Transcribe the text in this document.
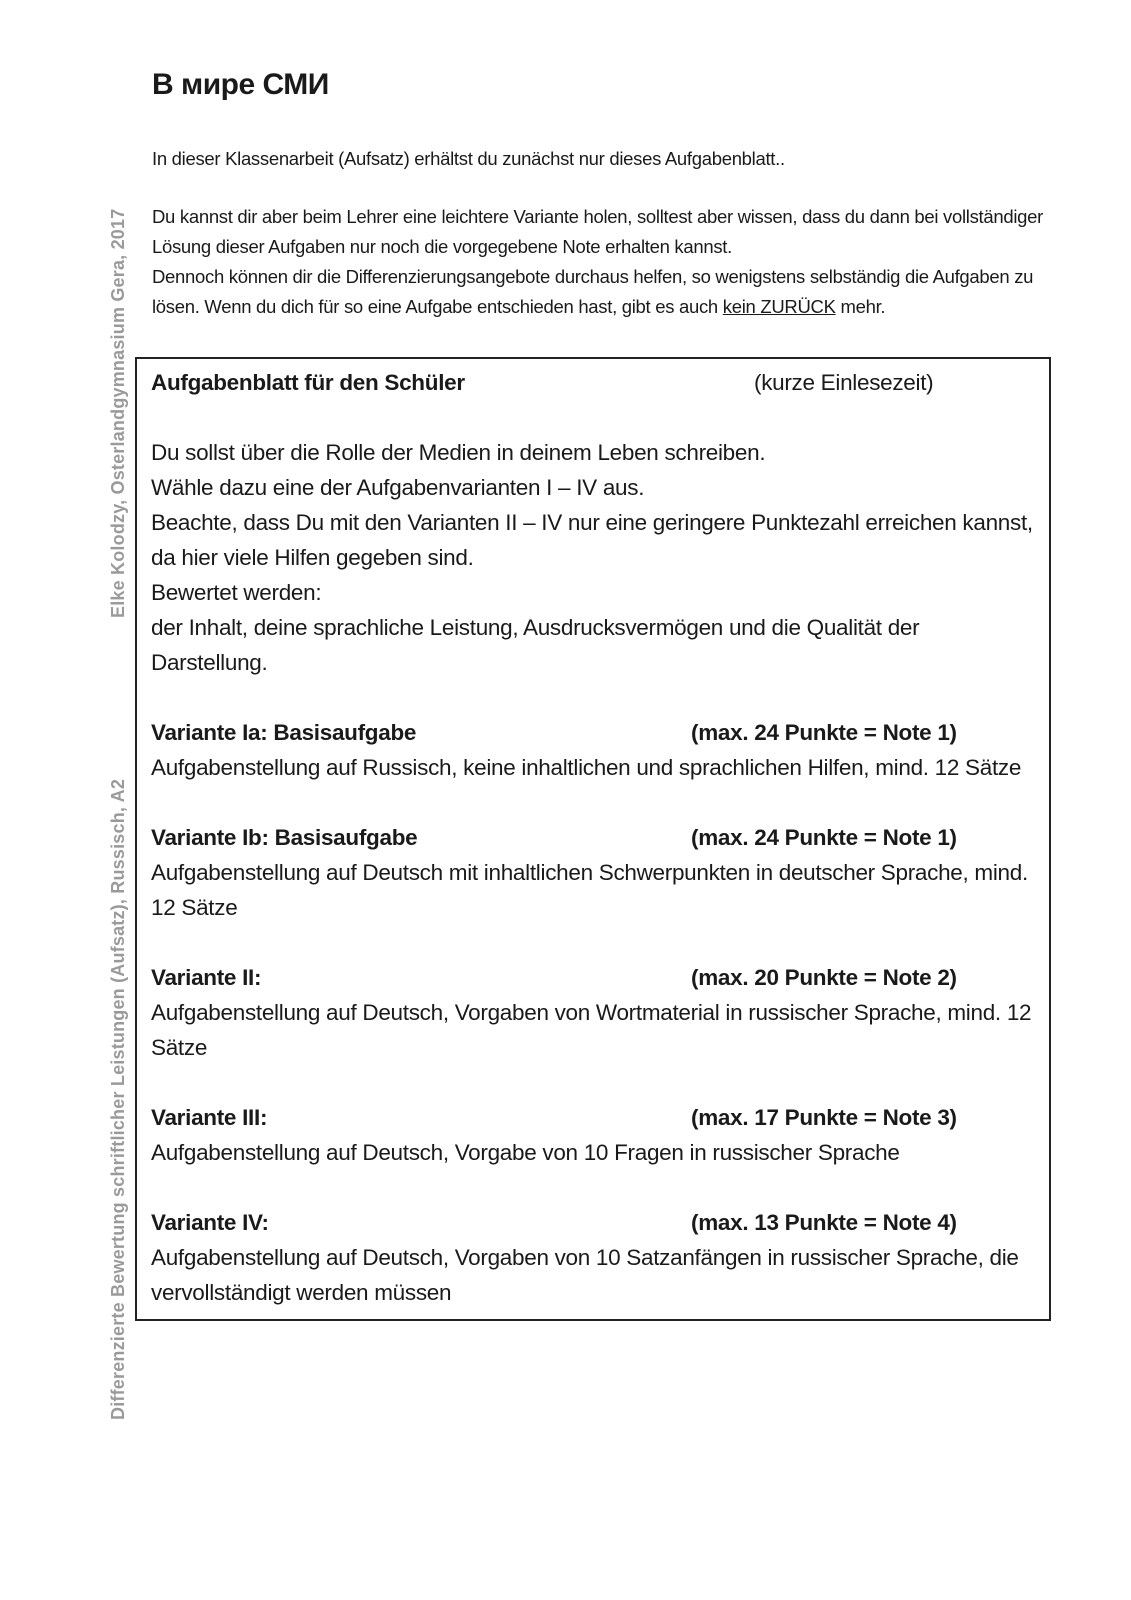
Elke Kolodzy, Osterlandgymnasium Gera, 2017
Differenzierte Bewertung schriftlicher Leistungen (Aufsatz), Russisch, A2
В мире СМИ

In dieser Klassenarbeit (Aufsatz) erhältst du zunächst nur dieses Aufgabenblatt..

Du kannst dir aber beim Lehrer eine leichtere Variante holen, solltest aber wissen, dass du dann bei vollständiger Lösung dieser Aufgaben nur noch die vorgegebene Note erhalten kannst.

Dennoch können dir die Differenzierungsangebote durchaus helfen, so wenigstens selbständig die Aufgaben zu lösen. Wenn du dich für so eine Aufgabe entschieden hast, gibt es auch kein ZURÜCK mehr.

Aufgabenblatt für den Schüler	(kurze Einlesezeit)

Du sollst über die Rolle der Medien in deinem Leben schreiben.

Wähle dazu eine der Aufgabenvarianten I – IV aus.

Beachte, dass Du mit den Varianten II – IV nur eine geringere Punktezahl erreichen kannst, da hier viele Hilfen gegeben sind.

Bewertet werden:

der Inhalt, deine sprachliche Leistung, Ausdrucksvermögen und die Qualität der Darstellung.

Variante Ia: Basisaufgabe	(max. 24 Punkte = Note 1)

Aufgabenstellung auf Russisch, keine inhaltlichen und sprachlichen Hilfen, mind. 12 Sätze

Variante Ib: Basisaufgabe	(max. 24 Punkte = Note 1)

Aufgabenstellung auf Deutsch mit inhaltlichen Schwerpunkten in deutscher Sprache, mind. 12 Sätze

Variante II:	(max. 20 Punkte = Note 2)

Aufgabenstellung auf Deutsch, Vorgaben von Wortmaterial in russischer Sprache, mind. 12 Sätze

Variante III:	(max. 17 Punkte = Note 3)

Aufgabenstellung auf Deutsch, Vorgabe von 10 Fragen in russischer Sprache

Variante IV:	(max. 13 Punkte = Note 4)

Aufgabenstellung auf Deutsch, Vorgaben von 10 Satzanfängen in russischer Sprache, die vervollständigt werden müssen
